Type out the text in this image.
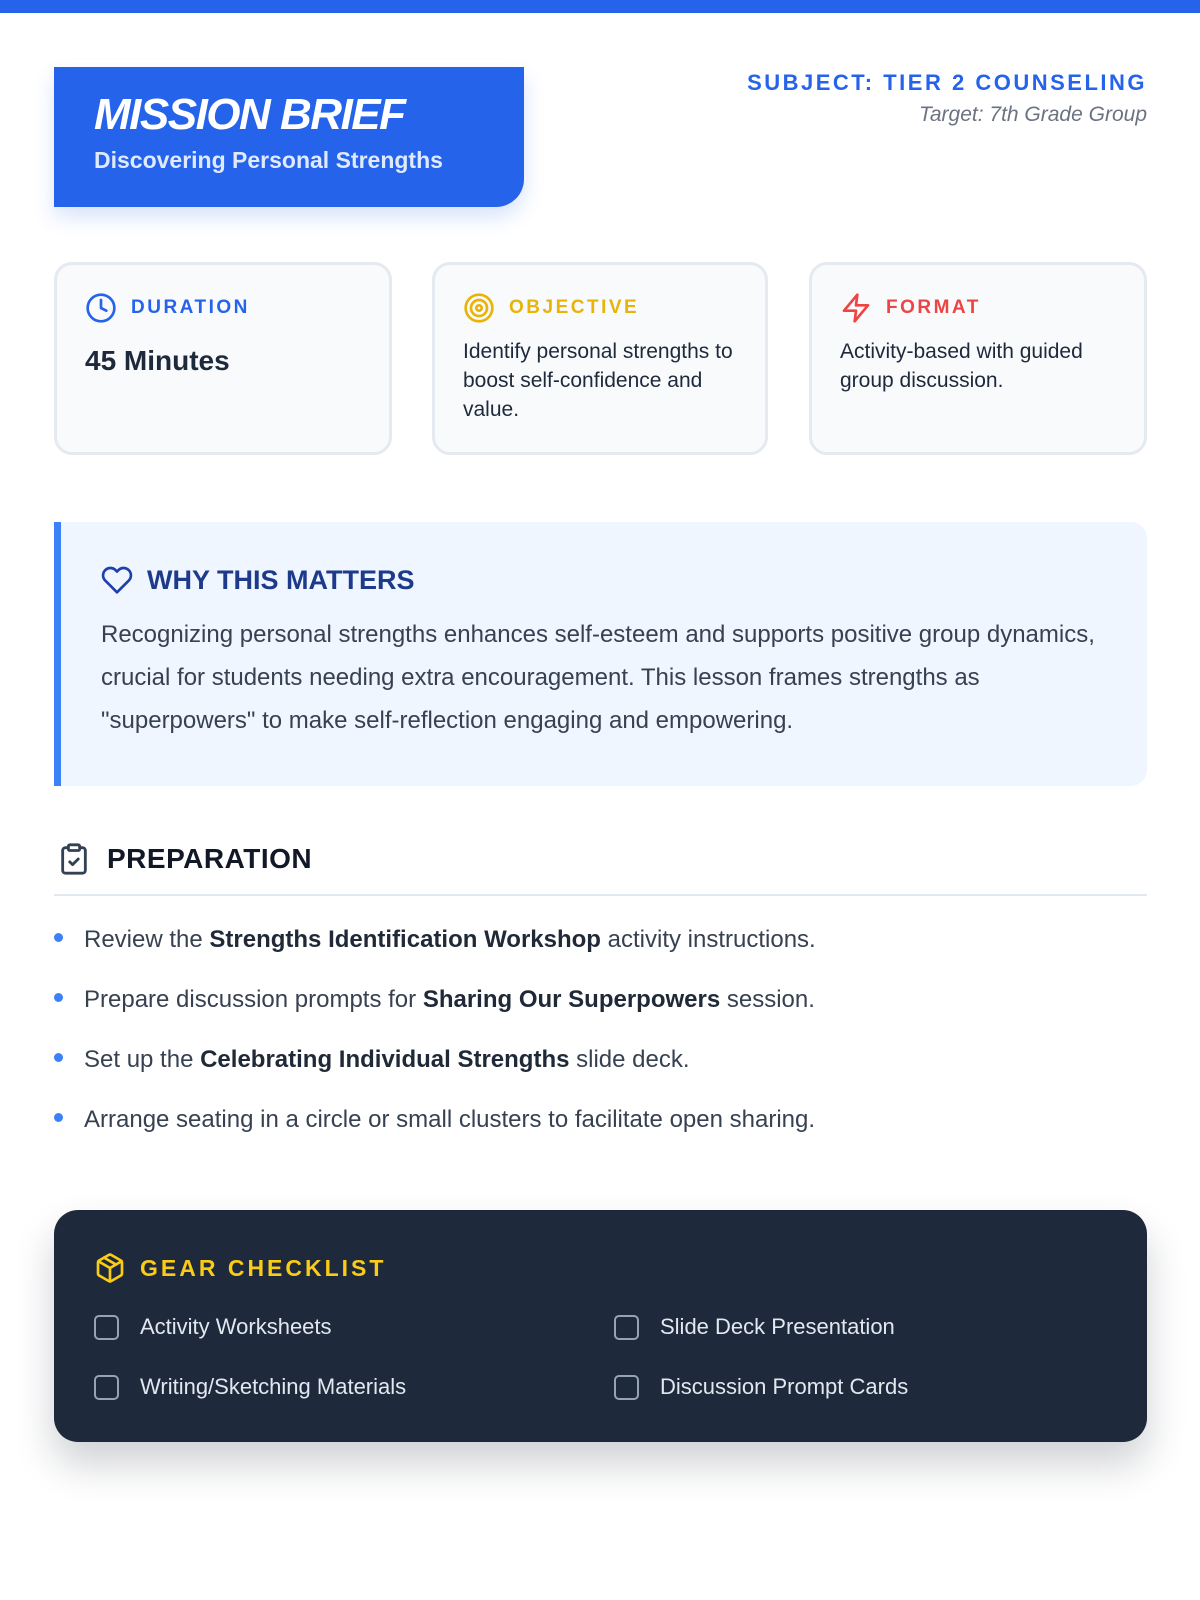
MISSION BRIEF
Discovering Personal Strengths
SUBJECT: TIER 2 COUNSELING
Target: 7th Grade Group
DURATION
45 Minutes
OBJECTIVE
Identify personal strengths to boost self-confidence and value.
FORMAT
Activity-based with guided group discussion.
WHY THIS MATTERS

Recognizing personal strengths enhances self-esteem and supports positive group dynamics, crucial for students needing extra encouragement. This lesson frames strengths as "superpowers" to make self-reflection engaging and empowering.

PREPARATION
Review the Strengths Identification Workshop activity instructions.
Prepare discussion prompts for Sharing Our Superpowers session.
Set up the Celebrating Individual Strengths slide deck.
Arrange seating in a circle or small clusters to facilitate open sharing.
GEAR CHECKLIST
Activity Worksheets	Slide Deck Presentation
Writing/Sketching Materials	Discussion Prompt Cards
